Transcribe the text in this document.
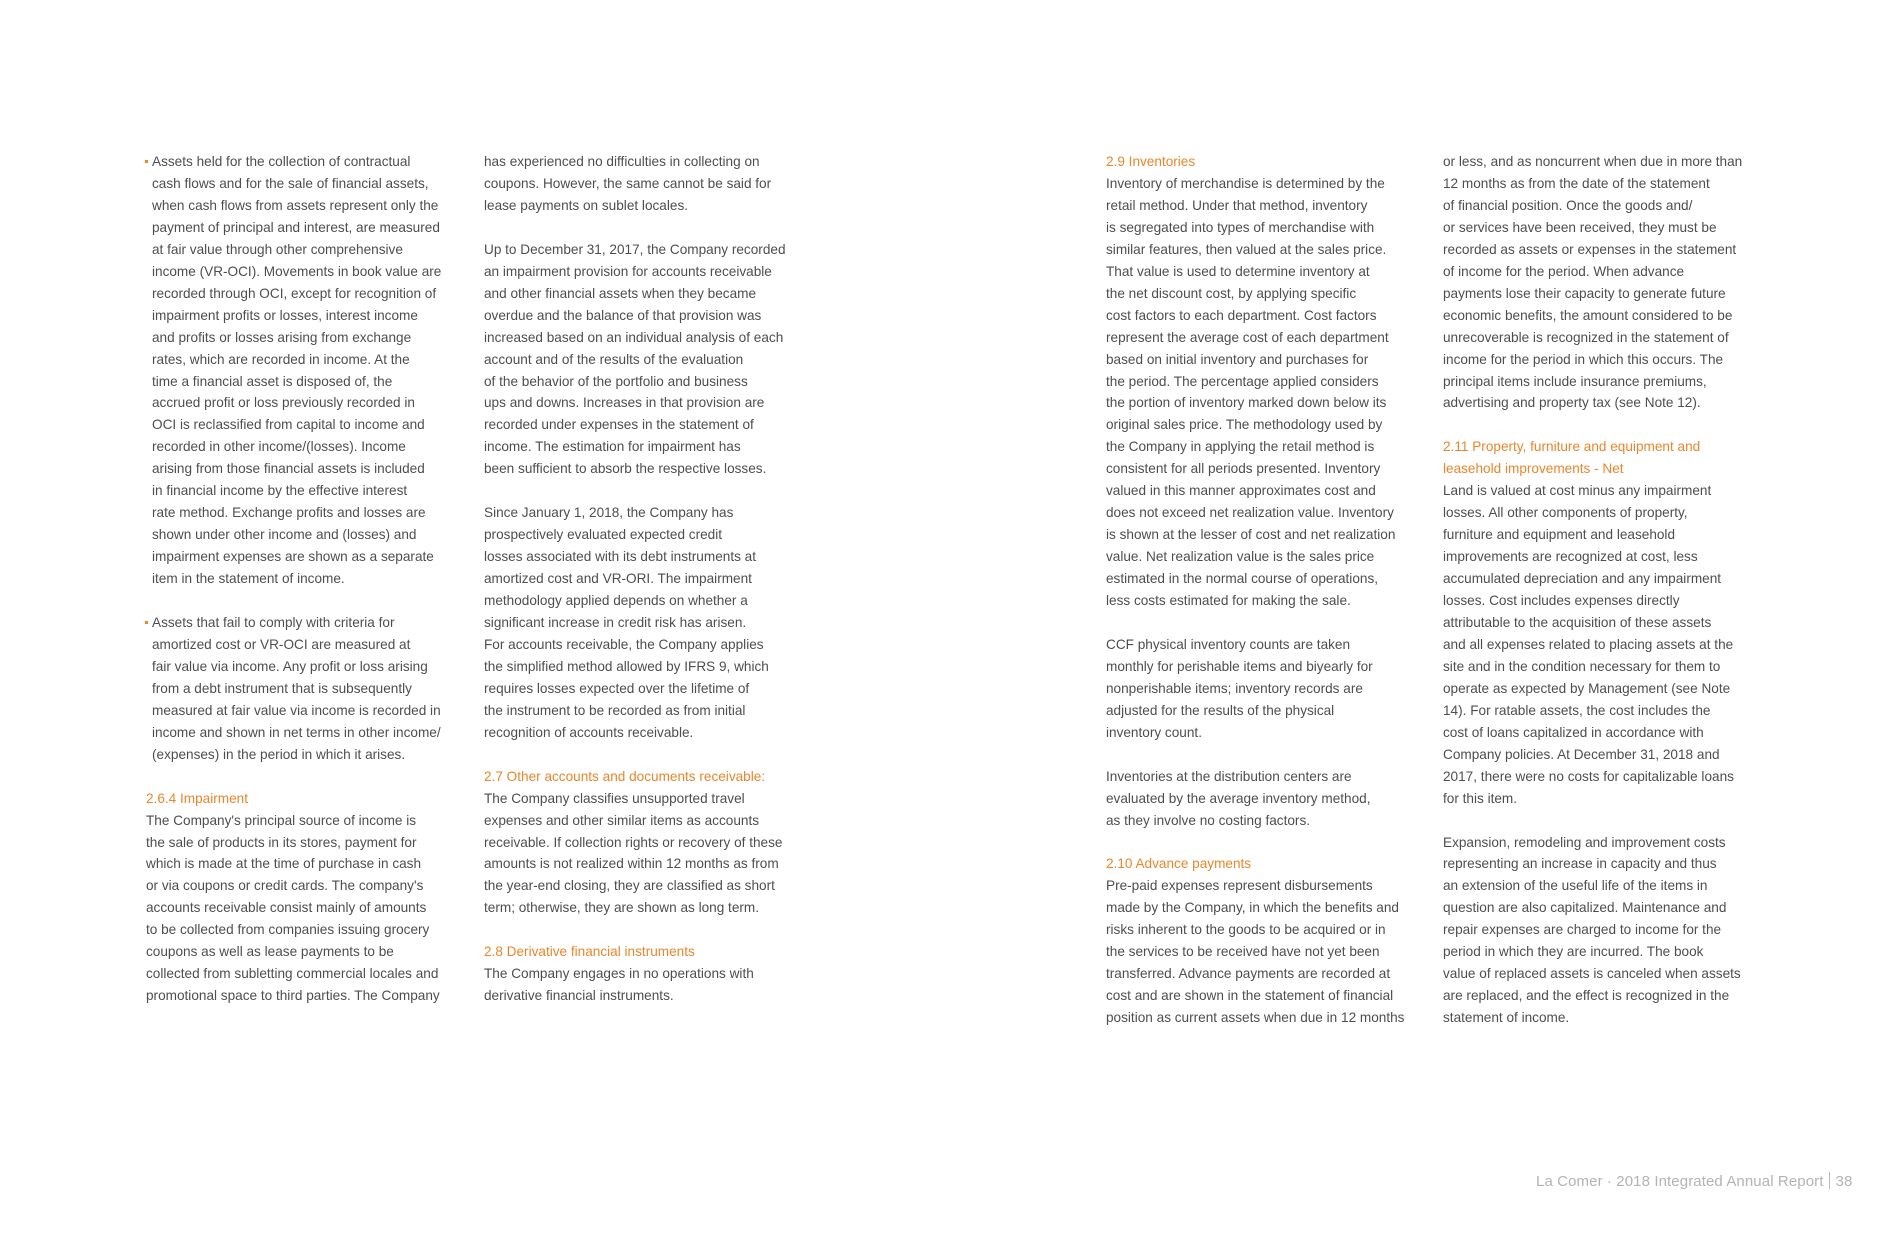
Assets held for the collection of contractual
cash flows and for the sale of financial assets,
when cash flows from assets represent only the
payment of principal and interest, are measured
at fair value through other comprehensive
income (VR-OCI). Movements in book value are
recorded through OCI, except for recognition of
impairment profits or losses, interest income
and profits or losses arising from exchange
rates, which are recorded in income. At the
time a financial asset is disposed of, the
accrued profit or loss previously recorded in
OCI is reclassified from capital to income and
recorded in other income/(losses). Income
arising from those financial assets is included
in financial income by the effective interest
rate method. Exchange profits and losses are
shown under other income and (losses) and
impairment expenses are shown as a separate
item in the statement of income.

Assets that fail to comply with criteria for
amortized cost or VR-OCI are measured at
fair value via income. Any profit or loss arising
from a debt instrument that is subsequently
measured at fair value via income is recorded in
income and shown in net terms in other income/
(expenses) in the period in which it arises.

2.6.4 Impairment

The Company's principal source of income is
the sale of products in its stores, payment for
which is made at the time of purchase in cash
or via coupons or credit cards. The company's
accounts receivable consist mainly of amounts
to be collected from companies issuing grocery
coupons as well as lease payments to be
collected from subletting commercial locales and
promotional space to third parties. The Company

has experienced no difficulties in collecting on
coupons. However, the same cannot be said for
lease payments on sublet locales.

Up to December 31, 2017, the Company recorded
an impairment provision for accounts receivable
and other financial assets when they became
overdue and the balance of that provision was
increased based on an individual analysis of each
account and of the results of the evaluation
of the behavior of the portfolio and business
ups and downs. Increases in that provision are
recorded under expenses in the statement of
income. The estimation for impairment has
been sufficient to absorb the respective losses.

Since January 1, 2018, the Company has
prospectively evaluated expected credit
losses associated with its debt instruments at
amortized cost and VR-ORI. The impairment
methodology applied depends on whether a
significant increase in credit risk has arisen.
For accounts receivable, the Company applies
the simplified method allowed by IFRS 9, which
requires losses expected over the lifetime of
the instrument to be recorded as from initial
recognition of accounts receivable.

2.7 Other accounts and documents receivable:

The Company classifies unsupported travel
expenses and other similar items as accounts
receivable. If collection rights or recovery of these
amounts is not realized within 12 months as from
the year-end closing, they are classified as short
term; otherwise, they are shown as long term.

2.8 Derivative financial instruments

The Company engages in no operations with
derivative financial instruments.

2.9 Inventories

Inventory of merchandise is determined by the
retail method. Under that method, inventory
is segregated into types of merchandise with
similar features, then valued at the sales price.
That value is used to determine inventory at
the net discount cost, by applying specific
cost factors to each department. Cost factors
represent the average cost of each department
based on initial inventory and purchases for
the period. The percentage applied considers
the portion of inventory marked down below its
original sales price. The methodology used by
the Company in applying the retail method is
consistent for all periods presented. Inventory
valued in this manner approximates cost and
does not exceed net realization value. Inventory
is shown at the lesser of cost and net realization
value. Net realization value is the sales price
estimated in the normal course of operations,
less costs estimated for making the sale.

CCF physical inventory counts are taken
monthly for perishable items and biyearly for
nonperishable items; inventory records are
adjusted for the results of the physical
inventory count.

Inventories at the distribution centers are
evaluated by the average inventory method,
as they involve no costing factors.

2.10 Advance payments

Pre-paid expenses represent disbursements
made by the Company, in which the benefits and
risks inherent to the goods to be acquired or in
the services to be received have not yet been
transferred. Advance payments are recorded at
cost and are shown in the statement of financial
position as current assets when due in 12 months

or less, and as noncurrent when due in more than
12 months as from the date of the statement
of financial position. Once the goods and/
or services have been received, they must be
recorded as assets or expenses in the statement
of income for the period. When advance
payments lose their capacity to generate future
economic benefits, the amount considered to be
unrecoverable is recognized in the statement of
income for the period in which this occurs. The
principal items include insurance premiums,
advertising and property tax (see Note 12).

2.11 Property, furniture and equipment and
leasehold improvements - Net

Land is valued at cost minus any impairment
losses. All other components of property,
furniture and equipment and leasehold
improvements are recognized at cost, less
accumulated depreciation and any impairment
losses. Cost includes expenses directly
attributable to the acquisition of these assets
and all expenses related to placing assets at the
site and in the condition necessary for them to
operate as expected by Management (see Note
14). For ratable assets, the cost includes the
cost of loans capitalized in accordance with
Company policies. At December 31, 2018 and
2017, there were no costs for capitalizable loans
for this item.

Expansion, remodeling and improvement costs
representing an increase in capacity and thus
an extension of the useful life of the items in
question are also capitalized. Maintenance and
repair expenses are charged to income for the
period in which they are incurred. The book
value of replaced assets is canceled when assets
are replaced, and the effect is recognized in the
statement of income.

La Comer · 2018 Integrated Annual Report 38
